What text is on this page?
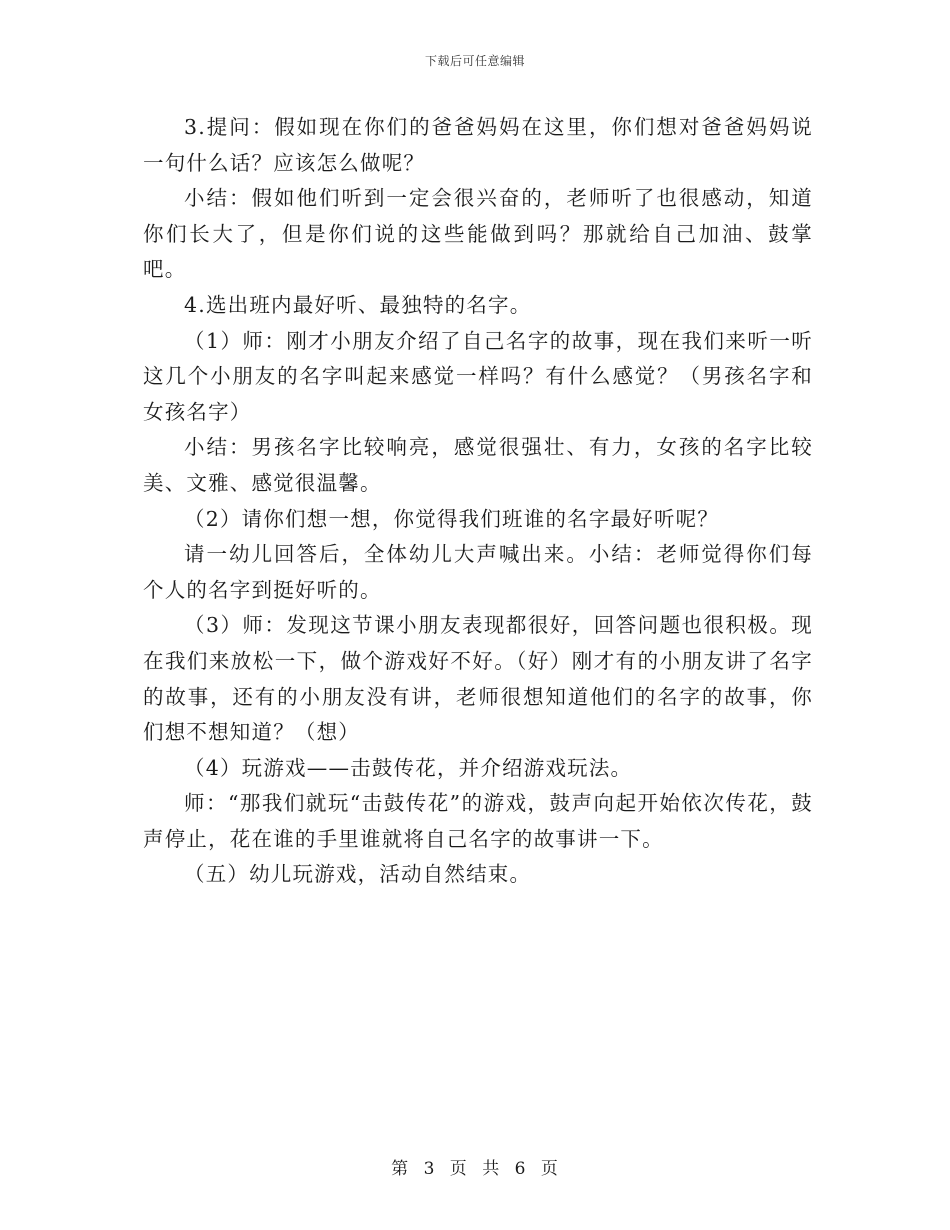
下载后可任意编辑

3.提问：假如现在你们的爸爸妈妈在这里，你们想对爸爸妈妈说一句什么话？应该怎么做呢？

小结：假如他们听到一定会很兴奋的，老师听了也很感动，知道你们长大了，但是你们说的这些能做到吗？那就给自己加油、鼓掌吧。

4.选出班内最好听、最独特的名字。

（1）师：刚才小朋友介绍了自己名字的故事，现在我们来听一听这几个小朋友的名字叫起来感觉一样吗？有什么感觉？（男孩名字和女孩名字）

小结：男孩名字比较响亮，感觉很强壮、有力，女孩的名字比较美、文雅、感觉很温馨。

（2）请你们想一想，你觉得我们班谁的名字最好听呢？

请一幼儿回答后，全体幼儿大声喊出来。小结：老师觉得你们每个人的名字到挺好听的。

（3）师：发现这节课小朋友表现都很好，回答问题也很积极。现在我们来放松一下，做个游戏好不好。（好）刚才有的小朋友讲了名字的故事，还有的小朋友没有讲，老师很想知道他们的名字的故事，你们想不想知道？（想）

（4）玩游戏——击鼓传花，并介绍游戏玩法。

师：“那我们就玩“击鼓传花”的游戏，鼓声向起开始依次传花，鼓声停止，花在谁的手里谁就将自己名字的故事讲一下。

（五）幼儿玩游戏，活动自然结束。

第 3 页 共 6 页
